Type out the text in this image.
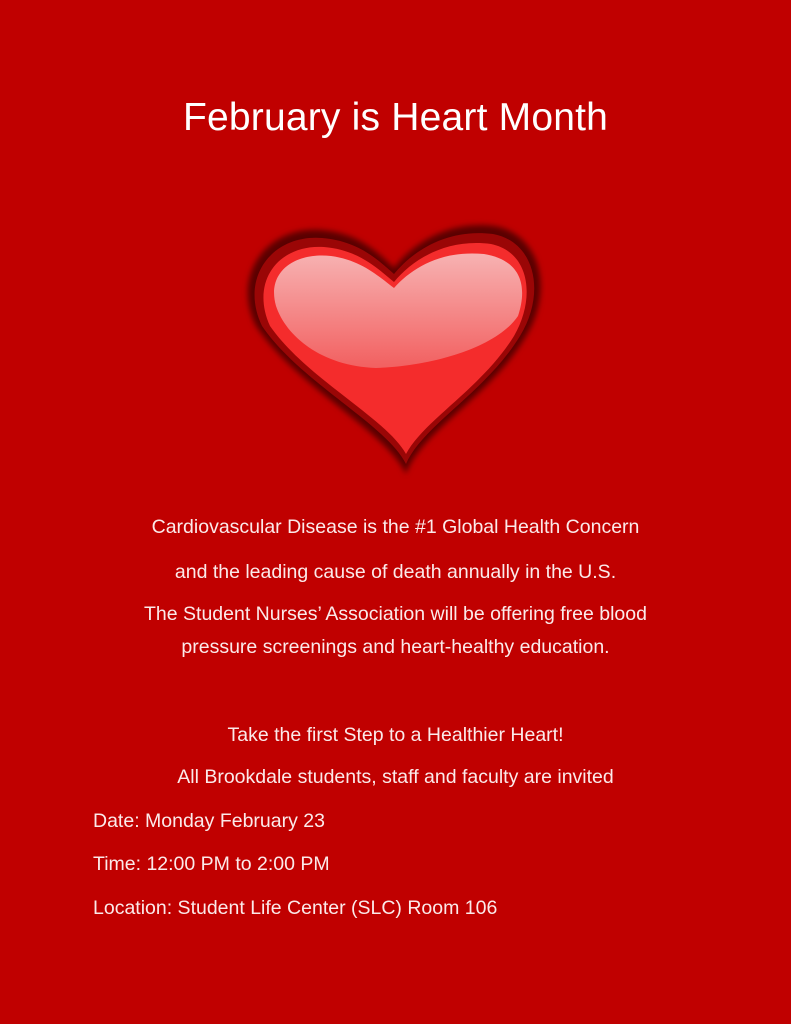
February is Heart Month
Cardiovascular Disease is the #1 Global Health Concern
and the leading cause of death annually in the U.S.
The Student Nurses’ Association will be offering free blood
pressure screenings and heart-healthy education.
Take the first Step to a Healthier Heart!
All Brookdale students, staff and faculty are invited
Date: Monday February 23
Time: 12:00 PM to 2:00 PM
Location: Student Life Center (SLC) Room 106
